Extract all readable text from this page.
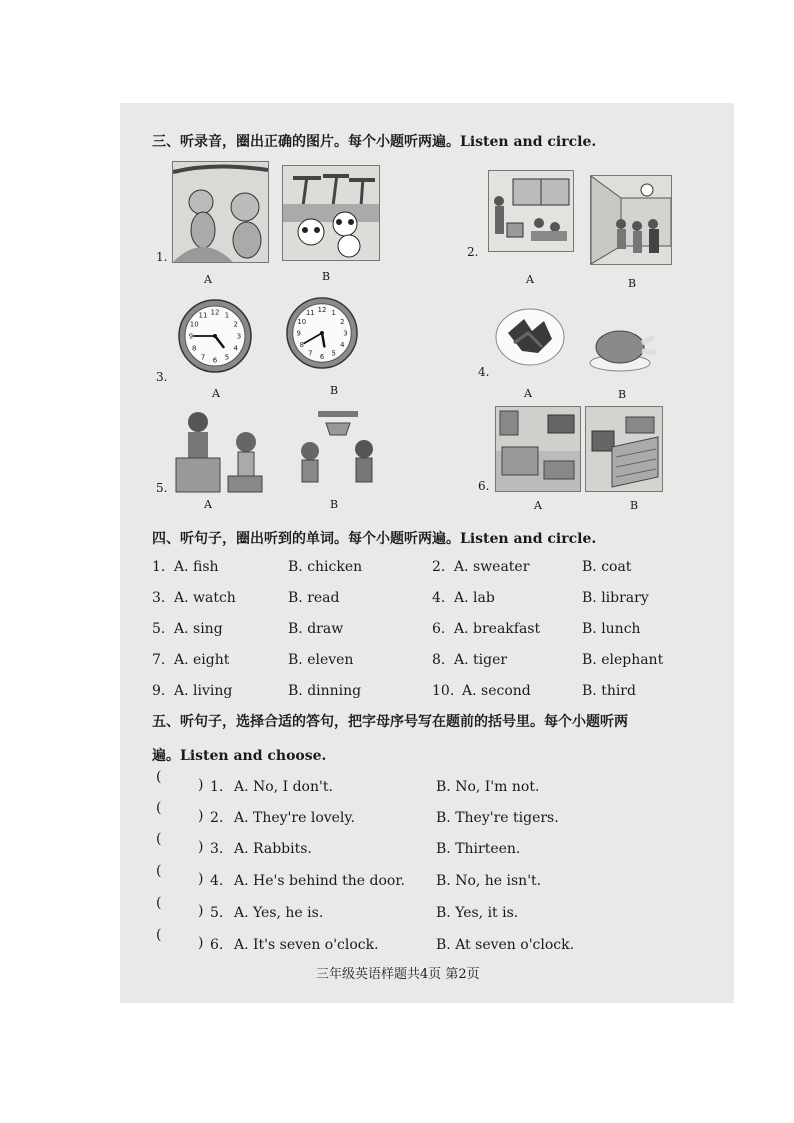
三、听录音，圈出正确的图片。每个小题听两遍。Listen and circle.
1.
A	B
2.
A	B
3.
1
2
3
4
5
6
7
8
9
10
11 12
A
1
2
3
4
5
6
7
8
9
10
11 12
B
4.
A	B
5.
A	B
6.
A	B
四、听句子，圈出听到的单词。每个小题听两遍。Listen and circle.
1. A. fish	B. chicken	2. A. sweater	B. coat
3. A. watch	B. read	4. A. lab	B. library
5. A. sing	B. draw	6. A. breakfast	B. lunch
7. A. eight	B. eleven	8. A. tiger	B. elephant
9. A. living	B. dinning	10. A. second	B. third
五、听句子，选择合适的答句，把字母序号写在题前的括号里。每个小题听两
遍。Listen and choose.
(	) 1. A. No, I don't.	B. No, I'm not.
(	) 2. A. They're lovely.	B. They're tigers.
(	) 3. A. Rabbits.	B. Thirteen.
(	) 4. A. He's behind the door. B. No, he isn't.
(	) 5. A. Yes, he is.	B. Yes, it is.
(	) 6. A. It's seven o'clock.	B. At seven o'clock.
三年级英语样题共4页 第2页
